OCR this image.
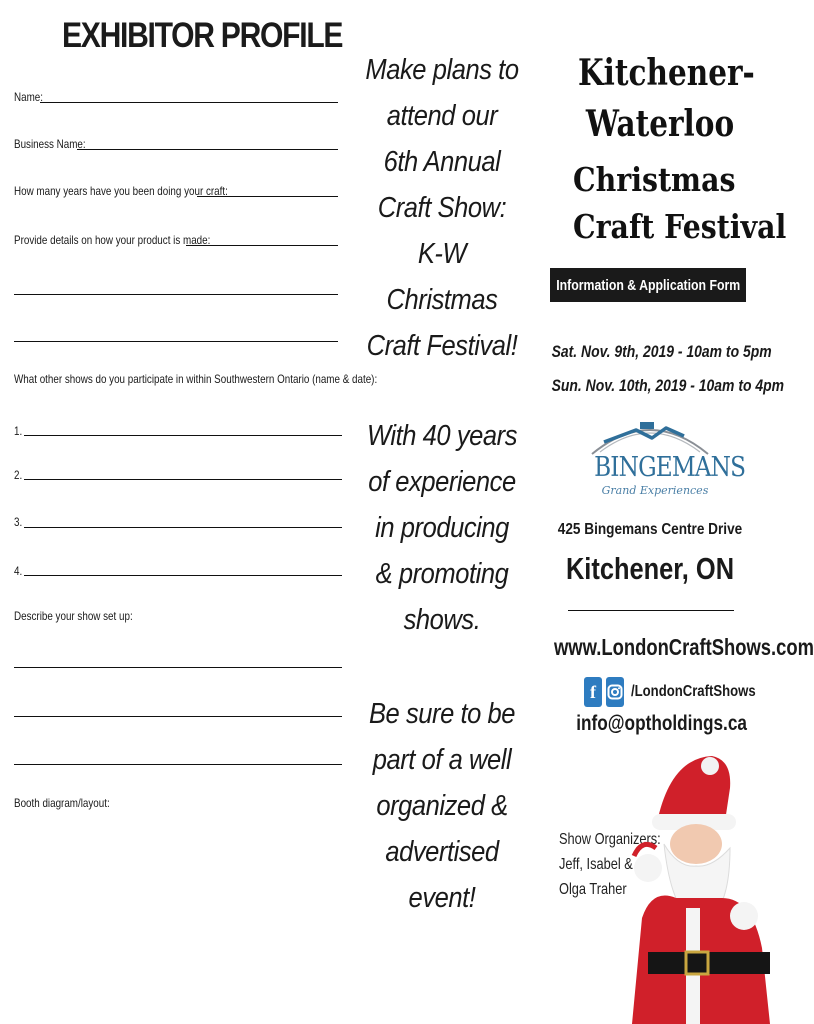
EXHIBITOR PROFILE
Name:
Business Name:
How many years have you been doing your craft:
Provide details on how your product is made:
What other shows do you participate in within Southwestern Ontario (name & date):
1.
2.
3.
4.
Describe your show set up:
Booth diagram/layout:
Make plans to
attend our
6th Annual
Craft Show:
K-W
Christmas
Craft Festival!
With 40 years
of experience
in producing
& promoting
shows.
Be sure to be
part of a well
organized &
advertised
event!
Kitchener-
Waterloo
Christmas
Craft Festival
Information & Application Form
Sat. Nov. 9th, 2019 - 10am to 5pm
Sun. Nov. 10th, 2019 - 10am to 4pm
BINGEMANS
Grand Experiences
425 Bingemans Centre Drive
Kitchener, ON
www.LondonCraftShows.com
f	/LondonCraftShows
info@optholdings.ca
Show Organizers:
Jeff, Isabel &
Olga Traher
